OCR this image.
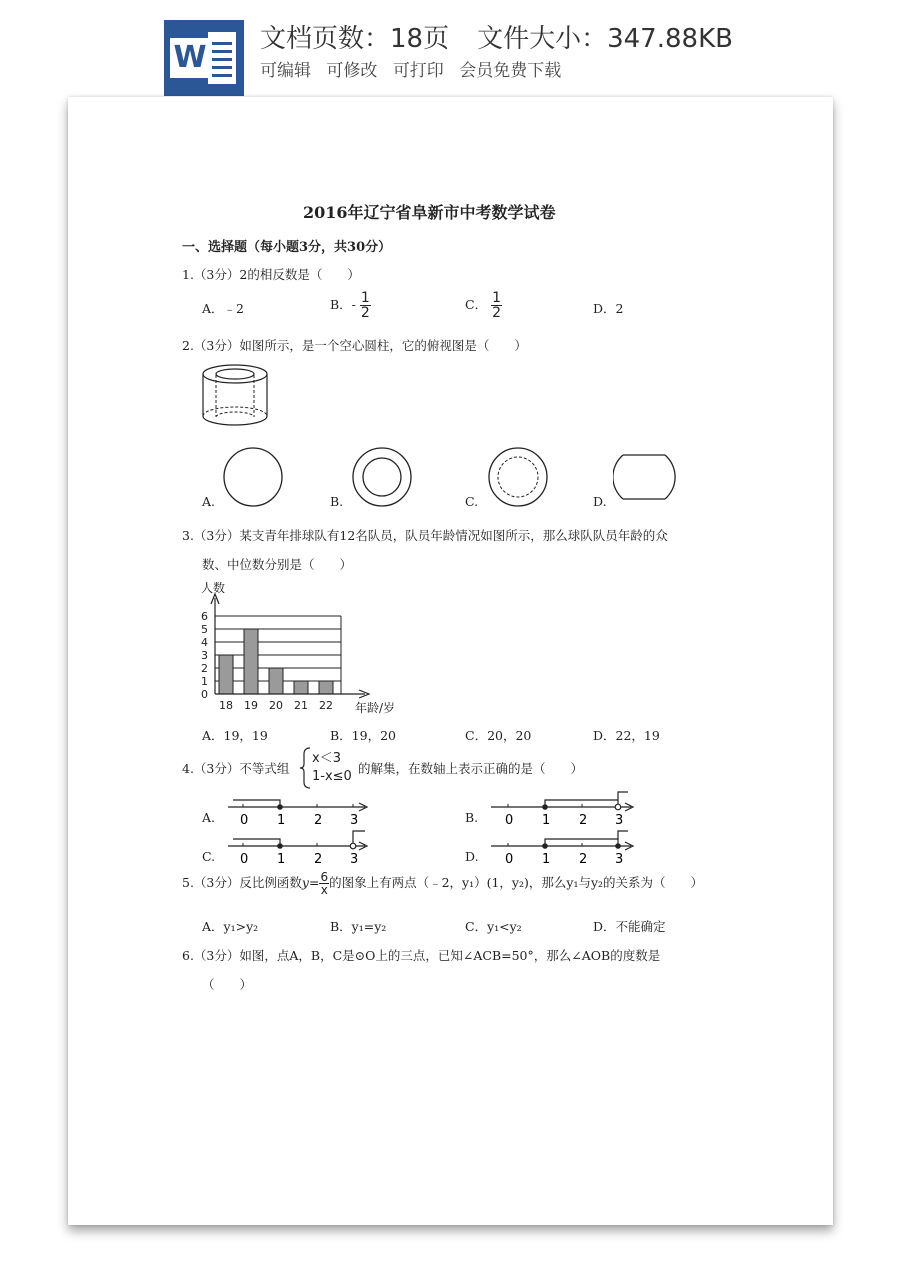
W
文档页数：18页 文件大小：347.88KB
可编辑 可修改 可打印 会员免费下载
2016年辽宁省阜新市中考数学试卷
一、选择题（每小题3分，共30分）
1.（3分）2的相反数是（　　）
A．﹣2	B．- $\frac{1}{2}$	C． $\frac{1}{2}$	D．2
2.（3分）如图所示，是一个空心圆柱，它的俯视图是（　　）
A.	B.	C.	D.
3.（3分）某支青年排球队有12名队员，队员年龄情况如图所示，那么球队队员年龄的众
数、中位数分别是（　　）
0
1
2
3
4
5
6
18 19 20 21 22
人数
年龄/岁
A．19，19	B．19，20	C．20，20	D．22，19
4.（3分）不等式组
x＜3
1-x≤0
的解集，在数轴上表示正确的是（　　）
A. 0 1 2 3	B. 0 1 2 3
C. 0 1 2 3	D. 0 1 2 3
5.（3分）反比例函数$y= \frac{6}{x}$ 的图象上有两点（﹣2，y₁）(1，y₂)，那么y₁与y₂的关系为（　　）
A．y₁>y₂	B．y₁=y₂	C．y₁<y₂	D．不能确定
6.（3分）如图，点A，B，C是⊙O上的三点，已知∠ACB=50°，那么∠AOB的度数是
（　　）
